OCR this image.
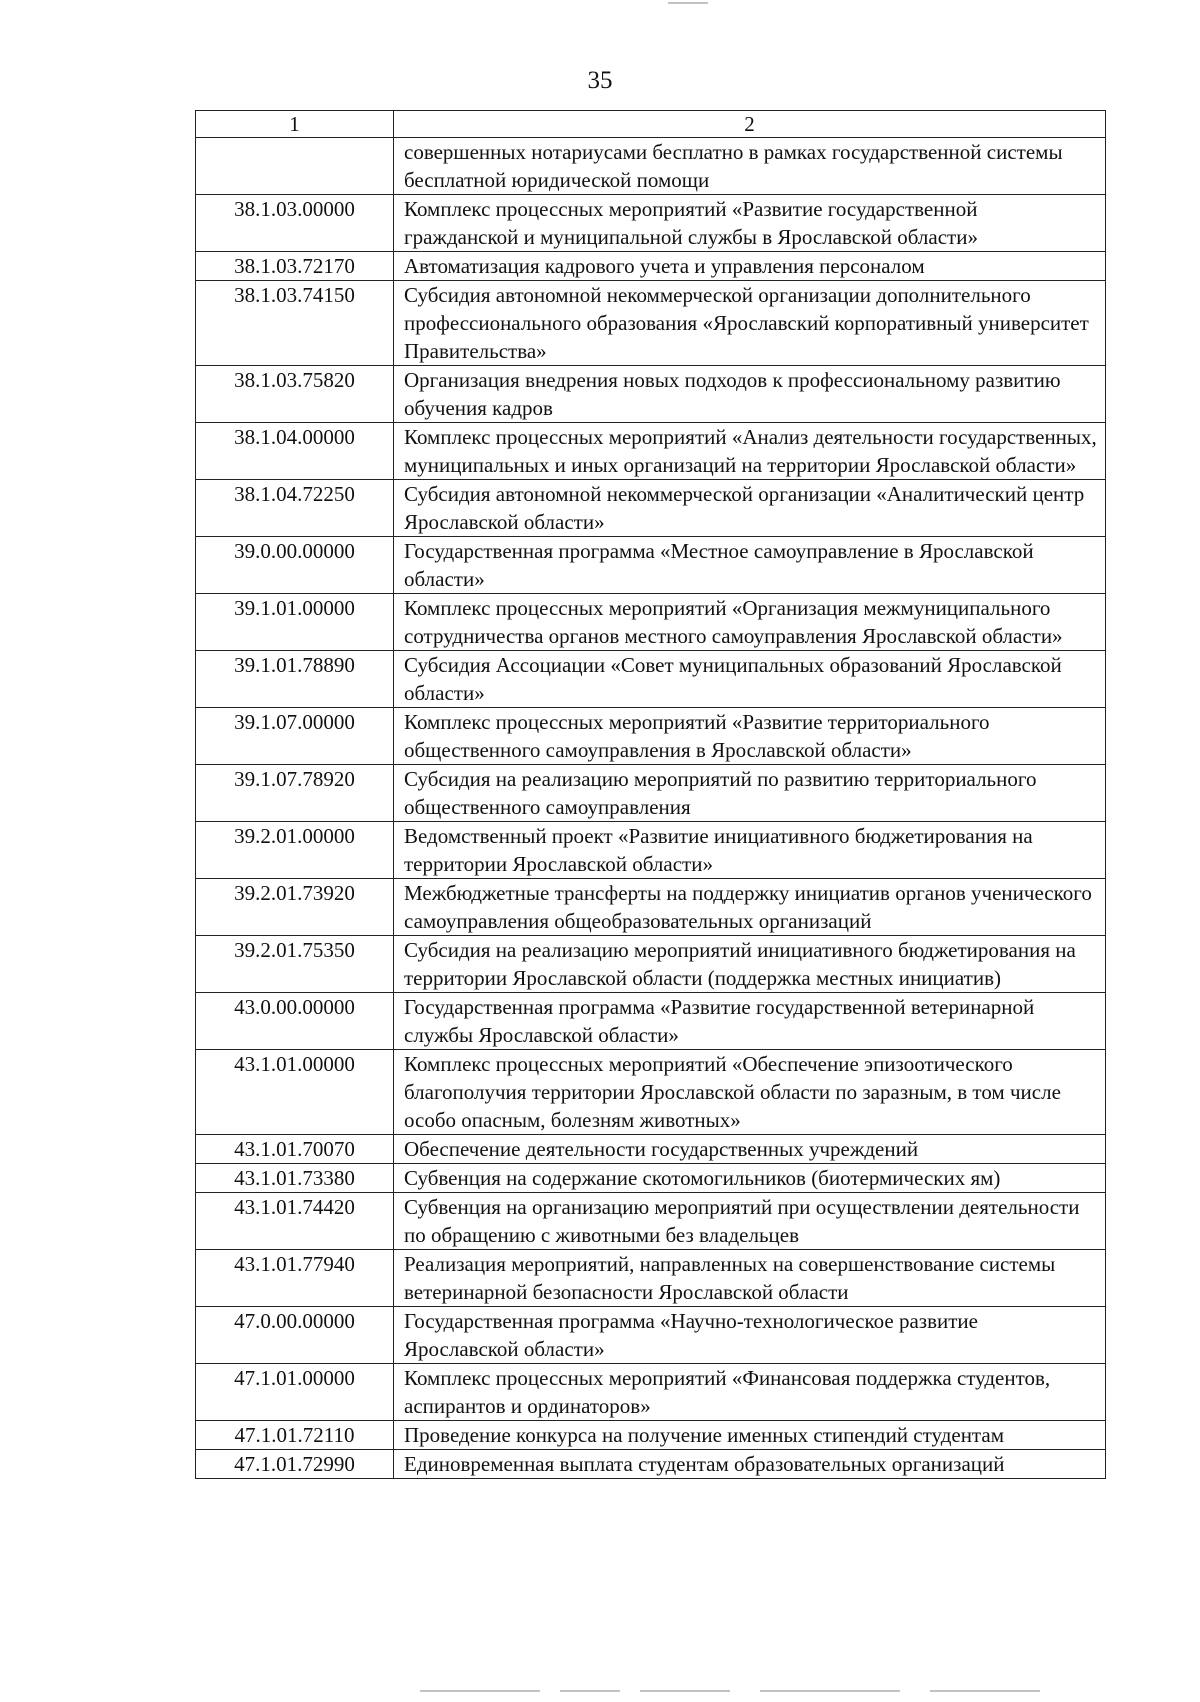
35
1	2
	совершенных нотариусами бесплатно в рамках государственной системы бесплатной юридической помощи
38.1.03.00000	Комплекс процессных мероприятий «Развитие государственной гражданской и муниципальной службы в Ярославской области»
38.1.03.72170	Автоматизация кадрового учета и управления персоналом
38.1.03.74150	Субсидия автономной некоммерческой организации дополнительного профессионального образования «Ярославский корпоративный университет Правительства»
38.1.03.75820	Организация внедрения новых подходов к профессиональному развитию обучения кадров
38.1.04.00000	Комплекс процессных мероприятий «Анализ деятельности государственных, муниципальных и иных организаций на территории Ярославской области»
38.1.04.72250	Субсидия автономной некоммерческой организации «Аналитический центр Ярославской области»
39.0.00.00000	Государственная программа «Местное самоуправление в Ярославской области»
39.1.01.00000	Комплекс процессных мероприятий «Организация межмуниципального сотрудничества органов местного самоуправления Ярославской области»
39.1.01.78890	Субсидия Ассоциации «Совет муниципальных образований Ярославской области»
39.1.07.00000	Комплекс процессных мероприятий «Развитие территориального общественного самоуправления в Ярославской области»
39.1.07.78920	Субсидия на реализацию мероприятий по развитию территориального общественного самоуправления
39.2.01.00000	Ведомственный проект «Развитие инициативного бюджетирования на территории Ярославской области»
39.2.01.73920	Межбюджетные трансферты на поддержку инициатив органов ученического самоуправления общеобразовательных организаций
39.2.01.75350	Субсидия на реализацию мероприятий инициативного бюджетирования на территории Ярославской области (поддержка местных инициатив)
43.0.00.00000	Государственная программа «Развитие государственной ветеринарной службы Ярославской области»
43.1.01.00000	Комплекс процессных мероприятий «Обеспечение эпизоотического благополучия территории Ярославской области по заразным, в том числе особо опасным, болезням животных»
43.1.01.70070	Обеспечение деятельности государственных учреждений
43.1.01.73380	Субвенция на содержание скотомогильников (биотермических ям)
43.1.01.74420	Субвенция на организацию мероприятий при осуществлении деятельности по обращению с животными без владельцев
43.1.01.77940	Реализация мероприятий, направленных на совершенствование системы ветеринарной безопасности Ярославской области
47.0.00.00000	Государственная программа «Научно-технологическое развитие Ярославской области»
47.1.01.00000	Комплекс процессных мероприятий «Финансовая поддержка студентов, аспирантов и ординаторов»
47.1.01.72110	Проведение конкурса на получение именных стипендий студентам
47.1.01.72990	Единовременная выплата студентам образовательных организаций
